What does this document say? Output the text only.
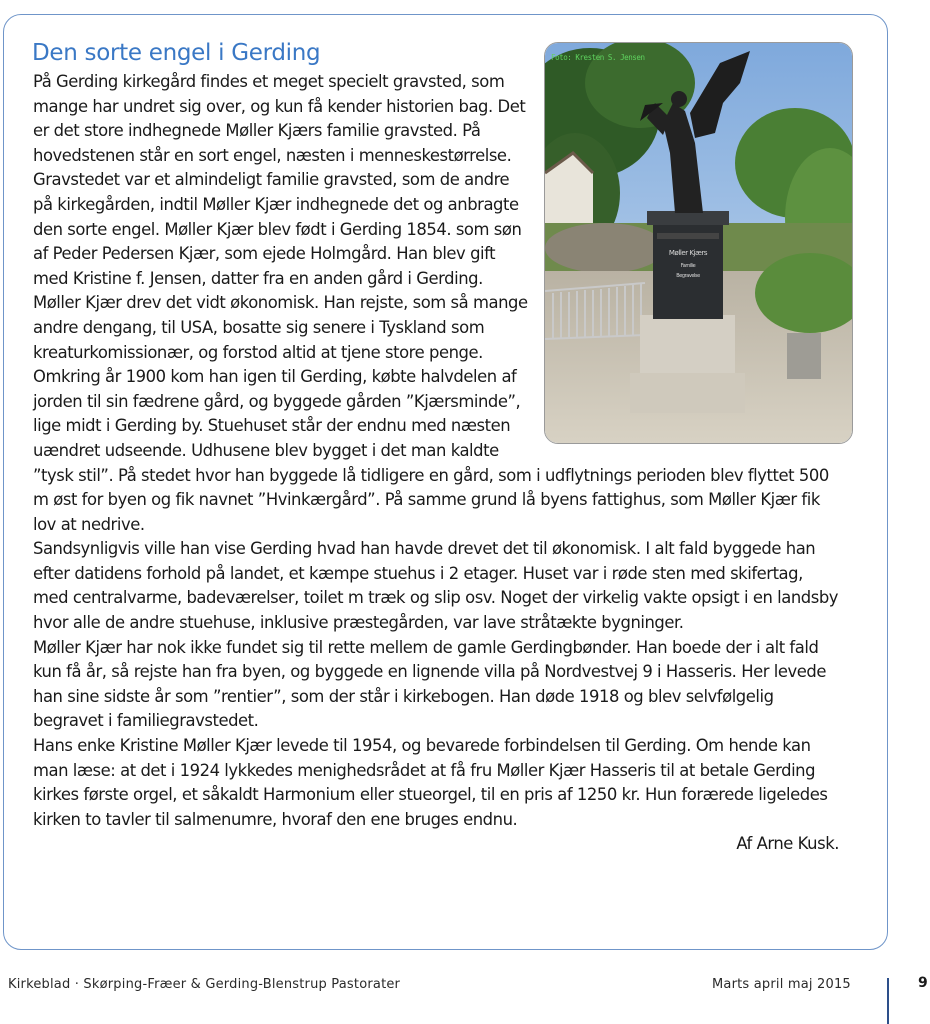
Den sorte engel i Gerding
Møller Kjærs
Familie
Begravelse
Foto: Kresten S. Jensen

På Gerding kirkegård findes et meget specielt gravsted, som mange har undret sig over, og kun få kender historien bag. Det er det store indhegnede Møller Kjærs familie gravsted. På hovedstenen står en sort engel, næsten i menneskestørrelse. Gravstedet var et almindeligt familie gravsted, som de andre på kirkegården, indtil Møller Kjær indhegnede det og anbragte den sorte engel. Møller Kjær blev født i Gerding 1854. som søn af Peder Pedersen Kjær, som ejede Holmgård. Han blev gift med Kristine f. Jensen, datter fra en anden gård i Gerding.

Møller Kjær drev det vidt økonomisk. Han rejste, som så mange andre dengang, til USA, bosatte sig senere i Tyskland som kreaturkomissionær, og forstod altid at tjene store penge.

Omkring år 1900 kom han igen til Gerding, købte halvdelen af jorden til sin fædrene gård, og byggede gården ”Kjærsminde”, lige midt i Gerding by. Stuehuset står der endnu med næsten uændret udseende. Udhusene blev bygget i det man kaldte ”tysk stil”. På stedet hvor han byggede lå tidligere en gård, som i udflytnings perioden blev flyttet 500 m øst for byen og fik navnet ”Hvinkærgård”. På samme grund lå byens fattighus, som Møller Kjær fik lov at nedrive.

Sandsynligvis ville han vise Gerding hvad han havde drevet det til økonomisk. I alt fald byggede han efter datidens forhold på landet, et kæmpe stuehus i 2 etager. Huset var i røde sten med skifertag, med centralvarme, badeværelser, toilet m træk og slip osv. Noget der virkelig vakte opsigt i en landsby hvor alle de andre stuehuse, inklusive præstegården, var lave stråtækte bygninger.

Møller Kjær har nok ikke fundet sig til rette mellem de gamle Gerdingbønder. Han boede der i alt fald kun få år, så rejste han fra byen, og byggede en lignende villa på Nordvestvej 9 i Hasseris. Her levede han sine sidste år som ”rentier”, som der står i kirkebogen. Han døde 1918 og blev selvfølgelig begravet i familiegravstedet.

Hans enke Kristine Møller Kjær levede til 1954, og bevarede forbindelsen til Gerding. Om hende kan man læse: at det i 1924 lykkedes menighedsrådet at få fru Møller Kjær Hasseris til at betale Gerding kirkes første orgel, et såkaldt Harmonium eller stueorgel, til en pris af 1250 kr. Hun forærede ligeledes kirken to tavler til salmenumre, hvoraf den ene bruges endnu.

Af Arne Kusk.

Kirkeblad · Skørping-Fræer & Gerding-Blenstrup Pastorater	Marts april maj 2015	9
